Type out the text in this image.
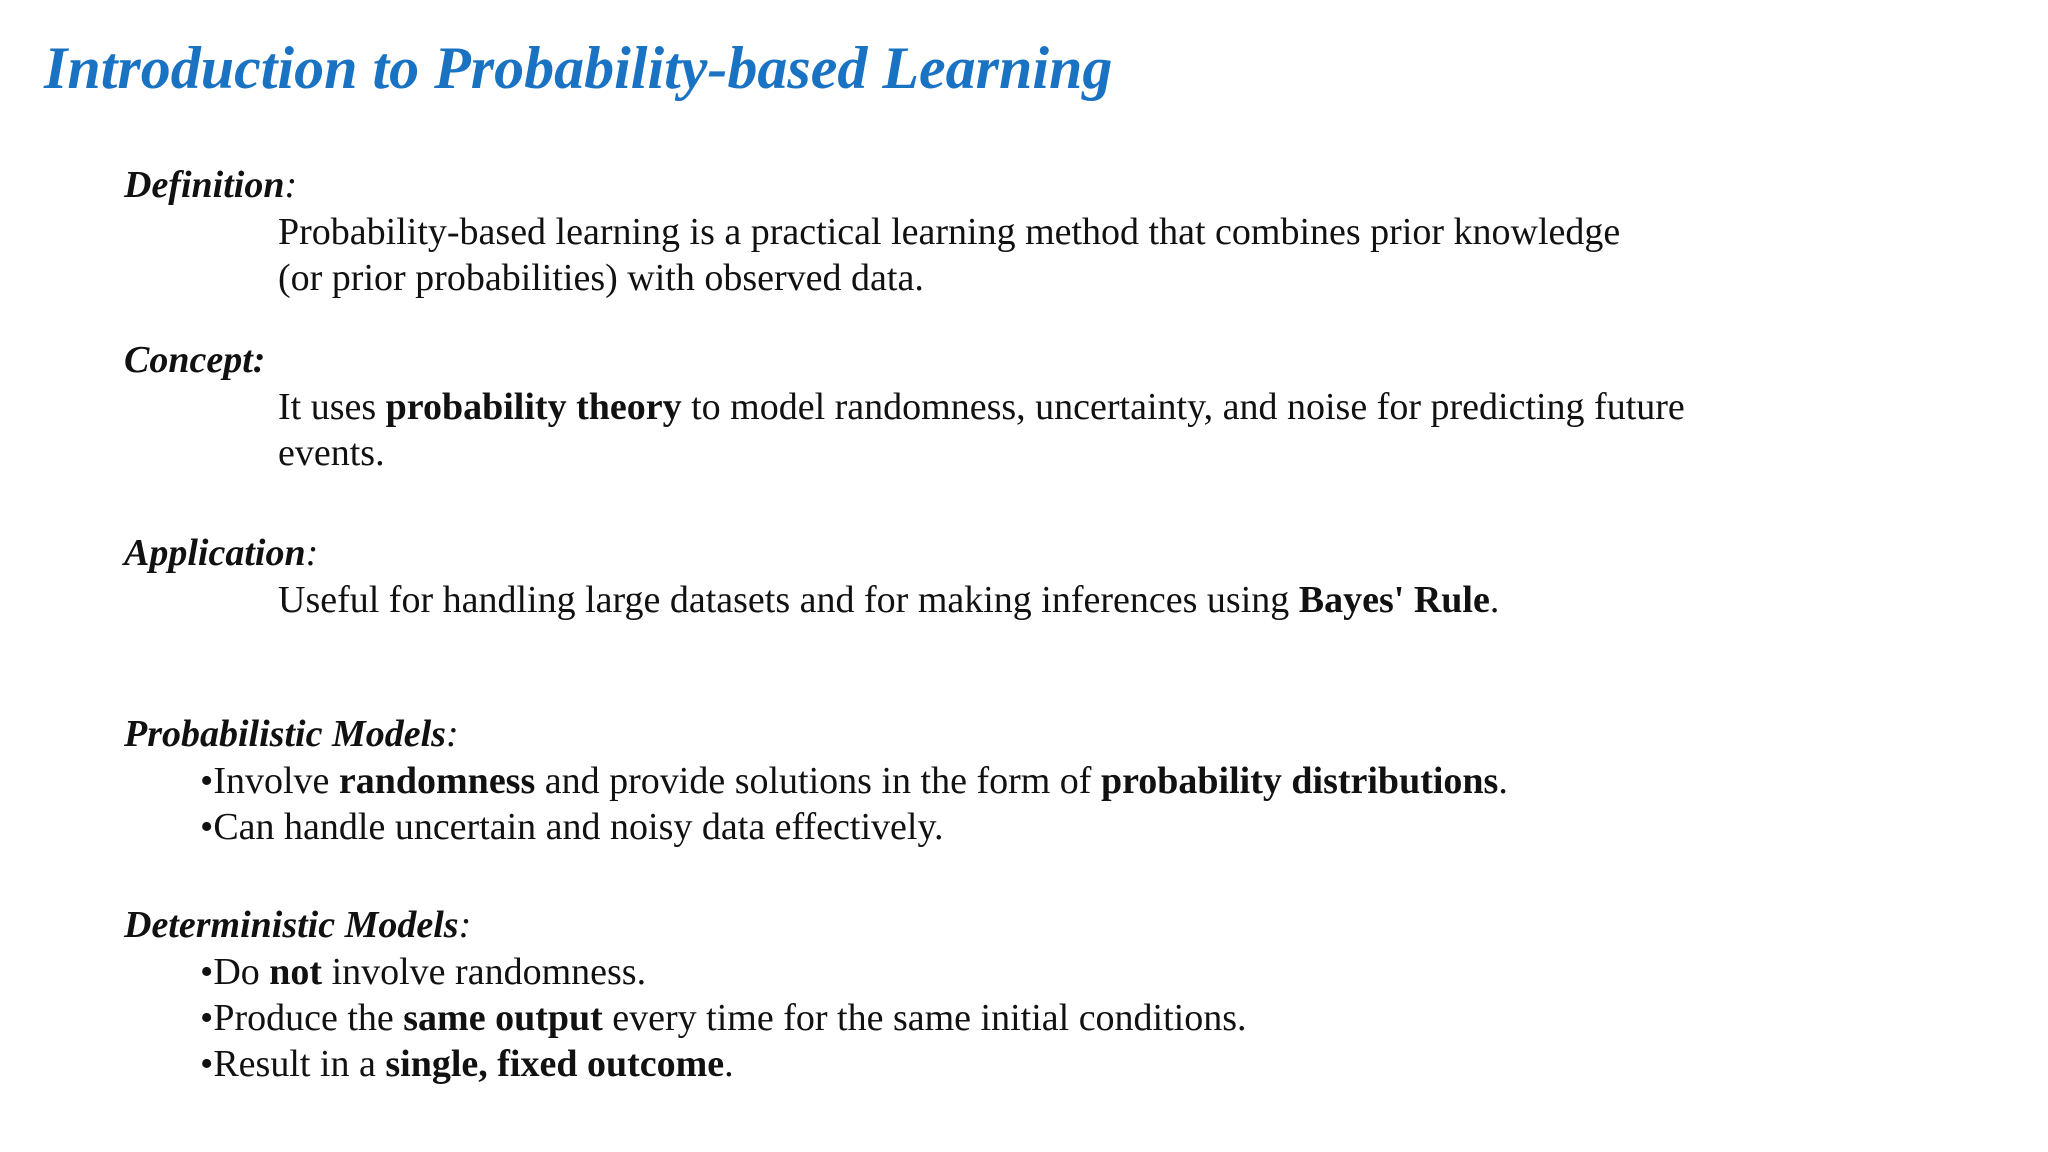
Introduction to Probability-based Learning

Definition:

Probability-based learning is a practical learning method that combines prior knowledge

(or prior probabilities) with observed data.

Concept:

It uses probability theory to model randomness, uncertainty, and noise for predicting future

events.

Application:

Useful for handling large datasets and for making inferences using Bayes' Rule.

Probabilistic Models:

•Involve randomness and provide solutions in the form of probability distributions.

•Can handle uncertain and noisy data effectively.

Deterministic Models:

•Do not involve randomness.

•Produce the same output every time for the same initial conditions.

•Result in a single, fixed outcome.
